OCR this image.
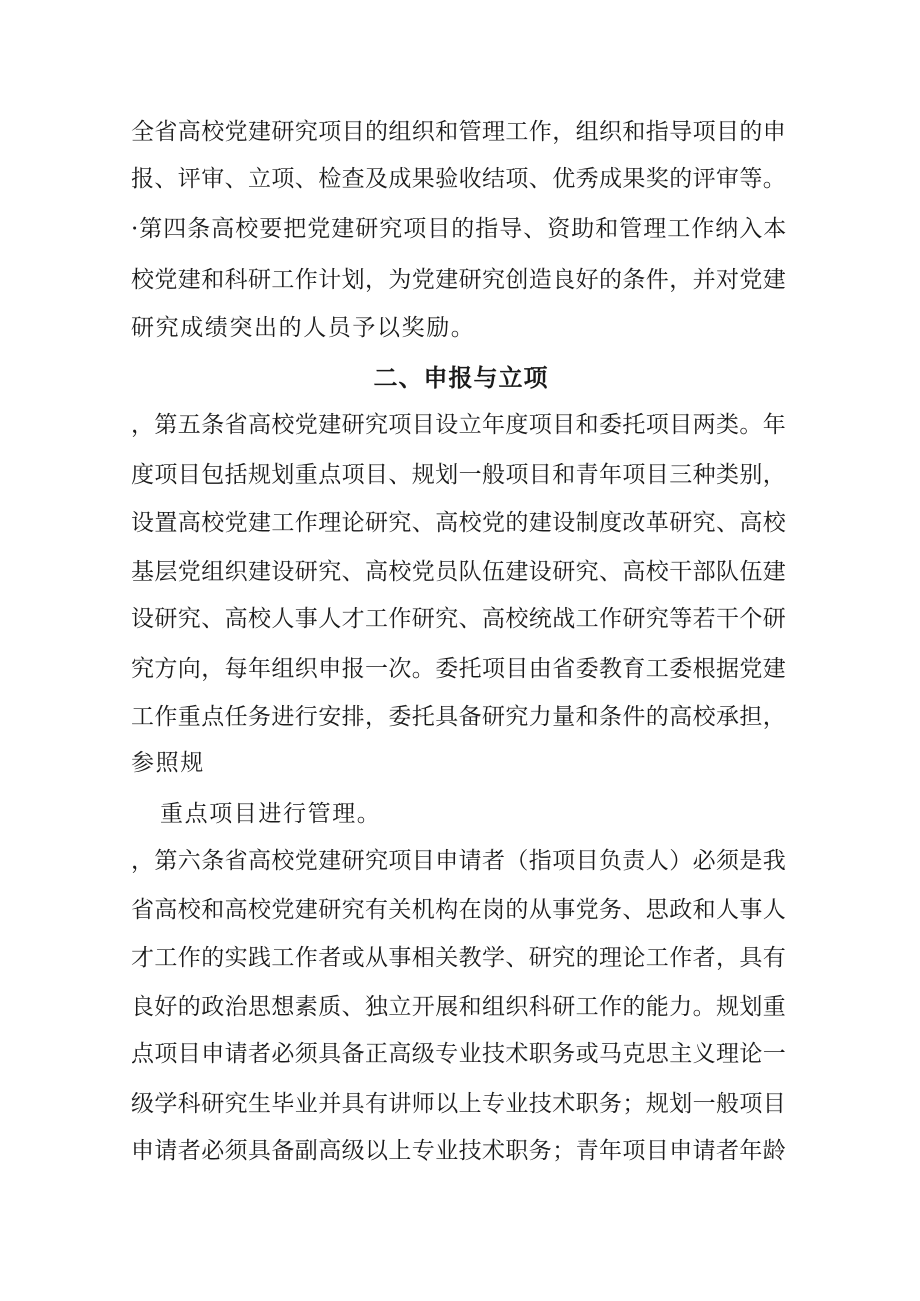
全省高校党建研究项目的组织和管理工作，组织和指导项目的申
报、评审、立项、检查及成果验收结项、优秀成果奖的评审等。
·第四条高校要把党建研究项目的指导、资助和管理工作纳入本
校党建和科研工作计划，为党建研究创造良好的条件，并对党建
研究成绩突出的人员予以奖励。
二、申报与立项
，第五条省高校党建研究项目设立年度项目和委托项目两类。年
度项目包括规划重点项目、规划一般项目和青年项目三种类别，
设置高校党建工作理论研究、高校党的建设制度改革研究、高校
基层党组织建设研究、高校党员队伍建设研究、高校干部队伍建
设研究、高校人事人才工作研究、高校统战工作研究等若干个研
究方向，每年组织申报一次。委托项目由省委教育工委根据党建
工作重点任务进行安排，委托具备研究力量和条件的高校承担，
参照规
重点项目进行管理。
，第六条省高校党建研究项目申请者（指项目负责人）必须是我
省高校和高校党建研究有关机构在岗的从事党务、思政和人事人
才工作的实践工作者或从事相关教学、研究的理论工作者，具有
良好的政治思想素质、独立开展和组织科研工作的能力。规划重
点项目申请者必须具备正高级专业技术职务或马克思主义理论一
级学科研究生毕业并具有讲师以上专业技术职务；规划一般项目
申请者必须具备副高级以上专业技术职务；青年项目申请者年龄
